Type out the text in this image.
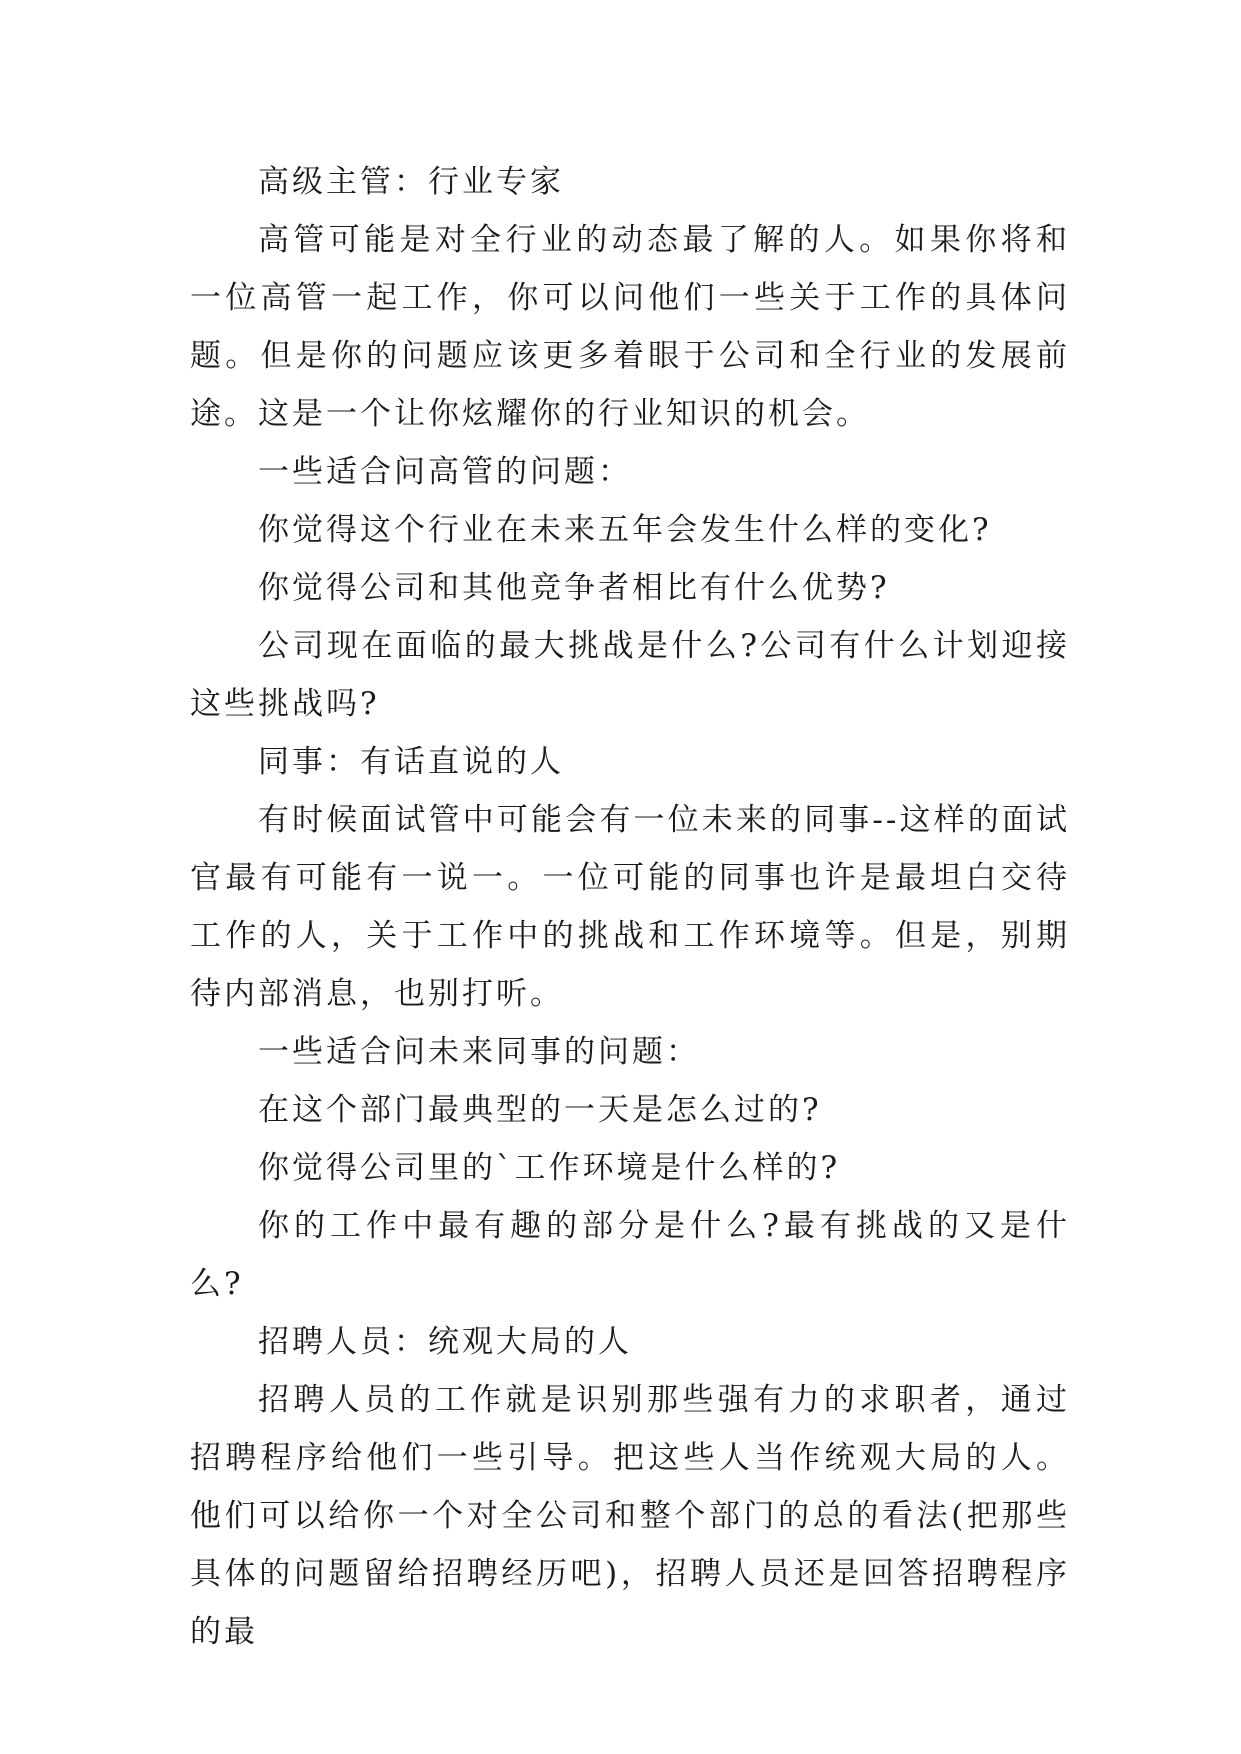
高级主管：行业专家

高管可能是对全行业的动态最了解的人。如果你将和一位高管一起工作，你可以问他们一些关于工作的具体问题。但是你的问题应该更多着眼于公司和全行业的发展前途。这是一个让你炫耀你的行业知识的机会。

一些适合问高管的问题：

你觉得这个行业在未来五年会发生什么样的变化?

你觉得公司和其他竞争者相比有什么优势?

公司现在面临的最大挑战是什么?公司有什么计划迎接这些挑战吗?

同事：有话直说的人

有时候面试管中可能会有一位未来的同事--这样的面试官最有可能有一说一。一位可能的同事也许是最坦白交待工作的人，关于工作中的挑战和工作环境等。但是，别期待内部消息，也别打听。

一些适合问未来同事的问题：

在这个部门最典型的一天是怎么过的?

你觉得公司里的`工作环境是什么样的?

你的工作中最有趣的部分是什么?最有挑战的又是什么?

招聘人员：统观大局的人

招聘人员的工作就是识别那些强有力的求职者，通过招聘程序给他们一些引导。把这些人当作统观大局的人。他们可以给你一个对全公司和整个部门的总的看法(把那些具体的问题留给招聘经历吧)，招聘人员还是回答招聘程序的最
